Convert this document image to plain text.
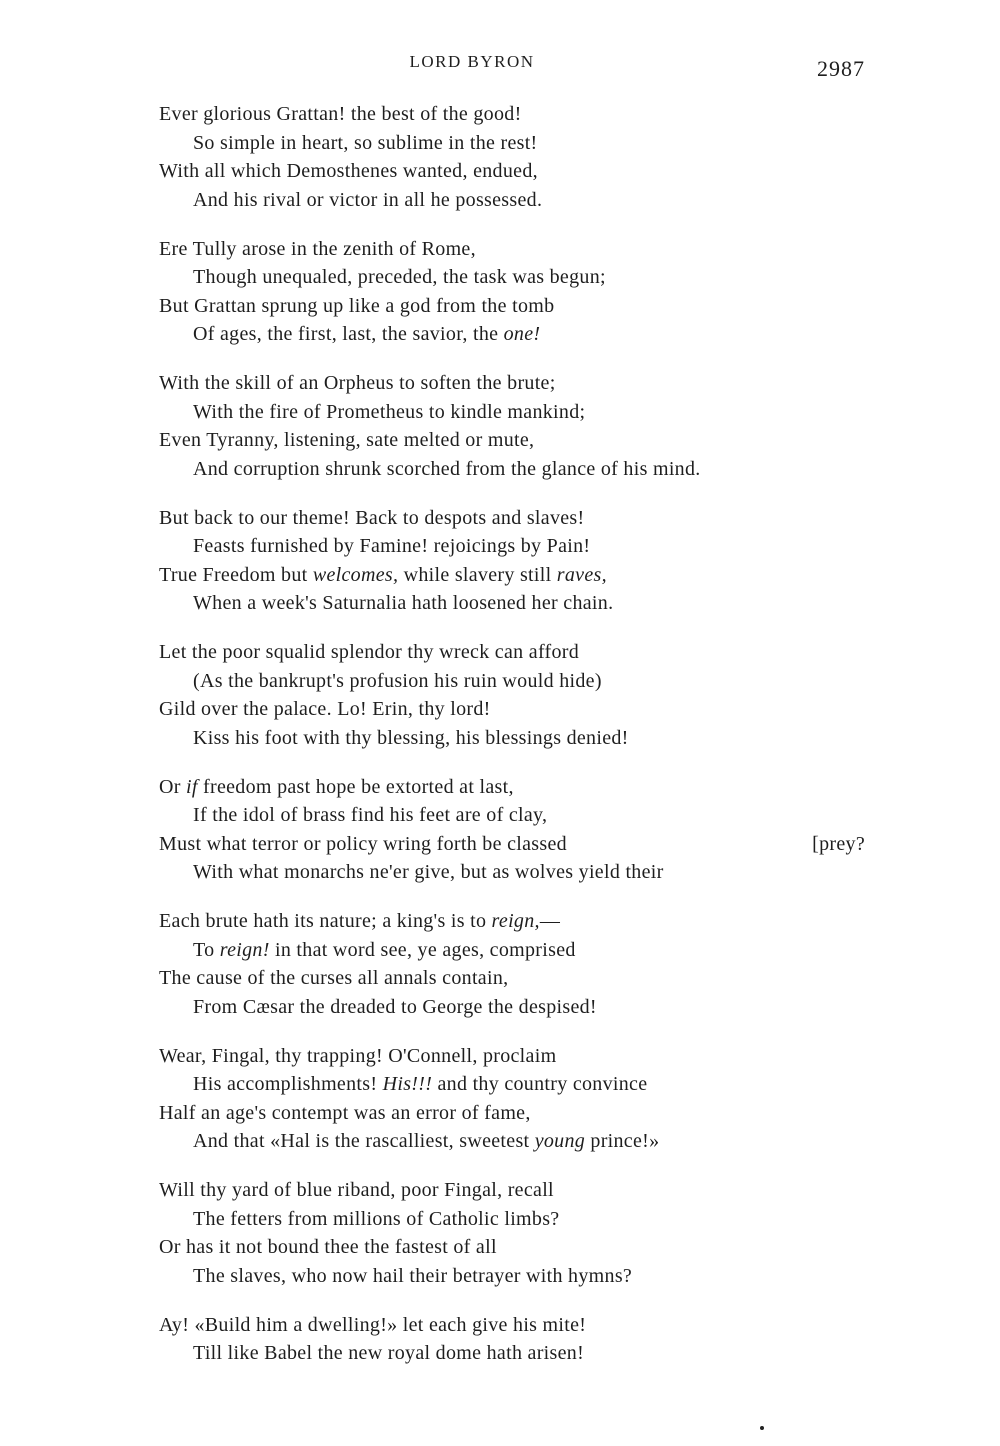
LORD BYRON	2987
Ever glorious Grattan! the best of the good!
So simple in heart, so sublime in the rest!
With all which Demosthenes wanted, endued,
And his rival or victor in all he possessed.
Ere Tully arose in the zenith of Rome,
Though unequaled, preceded, the task was begun;
But Grattan sprung up like a god from the tomb
Of ages, the first, last, the savior, the one!
With the skill of an Orpheus to soften the brute;
With the fire of Prometheus to kindle mankind;
Even Tyranny, listening, sate melted or mute,
And corruption shrunk scorched from the glance of his mind.
But back to our theme! Back to despots and slaves!
Feasts furnished by Famine! rejoicings by Pain!
True Freedom but welcomes, while slavery still raves,
When a week's Saturnalia hath loosened her chain.
Let the poor squalid splendor thy wreck can afford
(As the bankrupt's profusion his ruin would hide)
Gild over the palace. Lo! Erin, thy lord!
Kiss his foot with thy blessing, his blessings denied!
Or if freedom past hope be extorted at last,
If the idol of brass find his feet are of clay,
Must what terror or policy wring forth be classed	[prey?
With what monarchs ne'er give, but as wolves yield their
Each brute hath its nature; a king's is to reign,—
To reign! in that word see, ye ages, comprised
The cause of the curses all annals contain,
From Cæsar the dreaded to George the despised!
Wear, Fingal, thy trapping! O'Connell, proclaim
His accomplishments! His!!! and thy country convince
Half an age's contempt was an error of fame,
And that «Hal is the rascalliest, sweetest young prince!»
Will thy yard of blue riband, poor Fingal, recall
The fetters from millions of Catholic limbs?
Or has it not bound thee the fastest of all
The slaves, who now hail their betrayer with hymns?
Ay! «Build him a dwelling!» let each give his mite!
Till like Babel the new royal dome hath arisen!
